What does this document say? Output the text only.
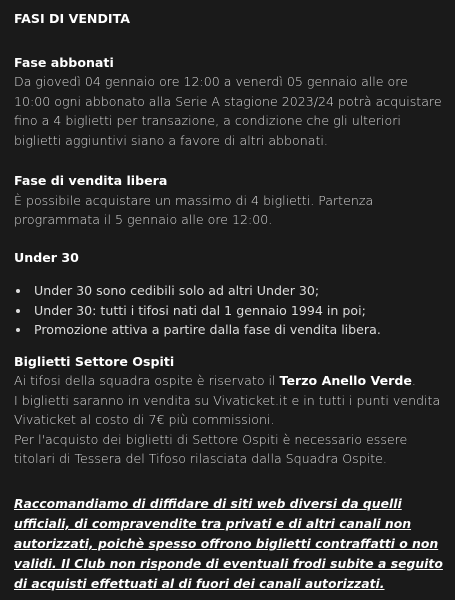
FASI DI VENDITA
Fase abbonati

Da giovedì 04 gennaio ore 12:00 a venerdì 05 gennaio alle ore 10:00 ogni abbonato alla Serie A stagione 2023/24 potrà acquistare fino a 4 biglietti per transazione, a condizione che gli ulteriori biglietti aggiuntivi siano a favore di altri abbonati.

Fase di vendita libera

È possibile acquistare un massimo di 4 biglietti. Partenza programmata il 5 gennaio alle ore 12:00.

Under 30
Under 30 sono cedibili solo ad altri Under 30;
Under 30: tutti i tifosi nati dal 1 gennaio 1994 in poi;
Promozione attiva a partire dalla fase di vendita libera.
Biglietti Settore Ospiti

Ai tifosi della squadra ospite è riservato il Terzo Anello Verde.

I biglietti saranno in vendita su Vivaticket.it e in tutti i punti vendita Vivaticket al costo di 7€ più commissioni.

Per l'acquisto dei biglietti di Settore Ospiti è necessario essere titolari di Tessera del Tifoso rilasciata dalla Squadra Ospite.

Raccomandiamo di diffidare di siti web diversi da quelli ufficiali, di compravendite tra privati e di altri canali non autorizzati, poichè spesso offrono biglietti contraffatti o non validi. Il Club non risponde di eventuali frodi subite a seguito di acquisti effettuati al di fuori dei canali autorizzati.
